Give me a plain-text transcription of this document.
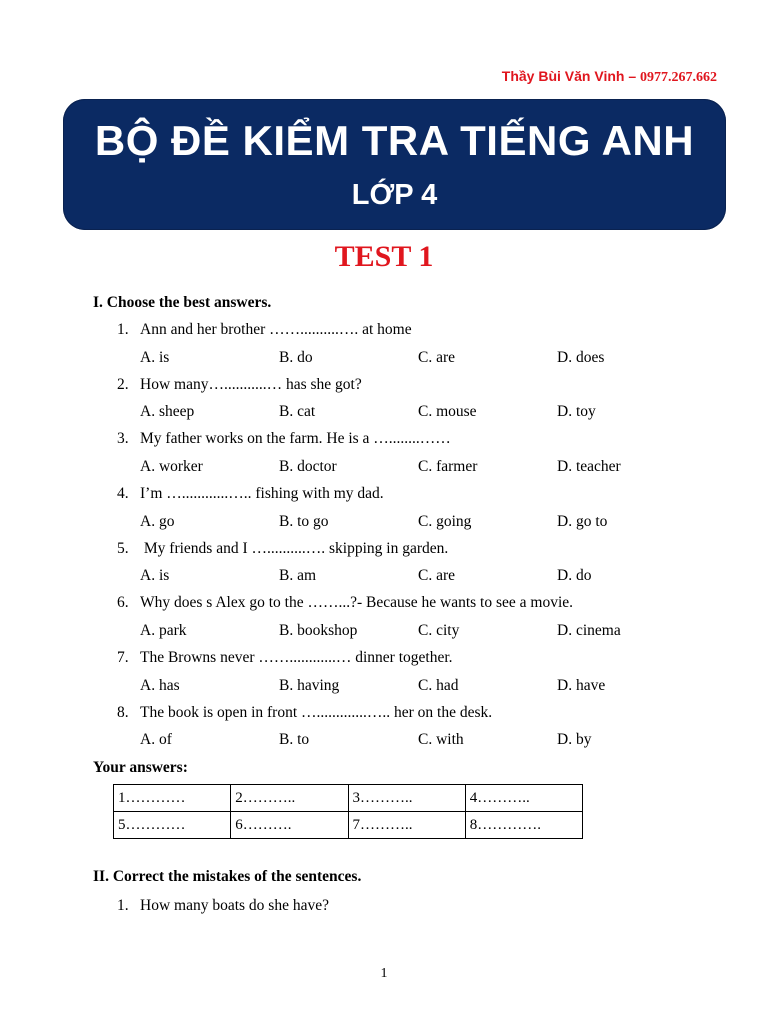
Thầy Bùi Văn Vinh – 0977.267.662
BỘ ĐỀ KIỂM TRA TIẾNG ANH
LỚP 4
TEST 1
I. Choose the best answers.
1. Ann and her brother ……..........…. at home
A. is	B. do	C. are	D. does
2. How many…...........… has she got?
A. sheep	B. cat	C. mouse	D. toy
3. My father works on the farm. He is a …........……
A. worker	B. doctor	C. farmer	D. teacher
4. I’m …............….. fishing with my dad.
A. go	B. to go	C. going	D. go to
5. My friends and I …..........…. skipping in garden.
A. is	B. am	C. are	D. do
6. Why does s Alex go to the ……...?- Because he wants to see a movie.
A. park	B. bookshop	C. city	D. cinema
7. The Browns never ……............… dinner together.
A. has	B. having	C. had	D. have
8. The book is open in front ….............….. her on the desk.
A. of	B. to	C. with	D. by
Your answers:
1…………	2………..	3………..	4………..
5…………	6……….	7………..	8………….
II. Correct the mistakes of the sentences.
1. How many boats do she have?
1
